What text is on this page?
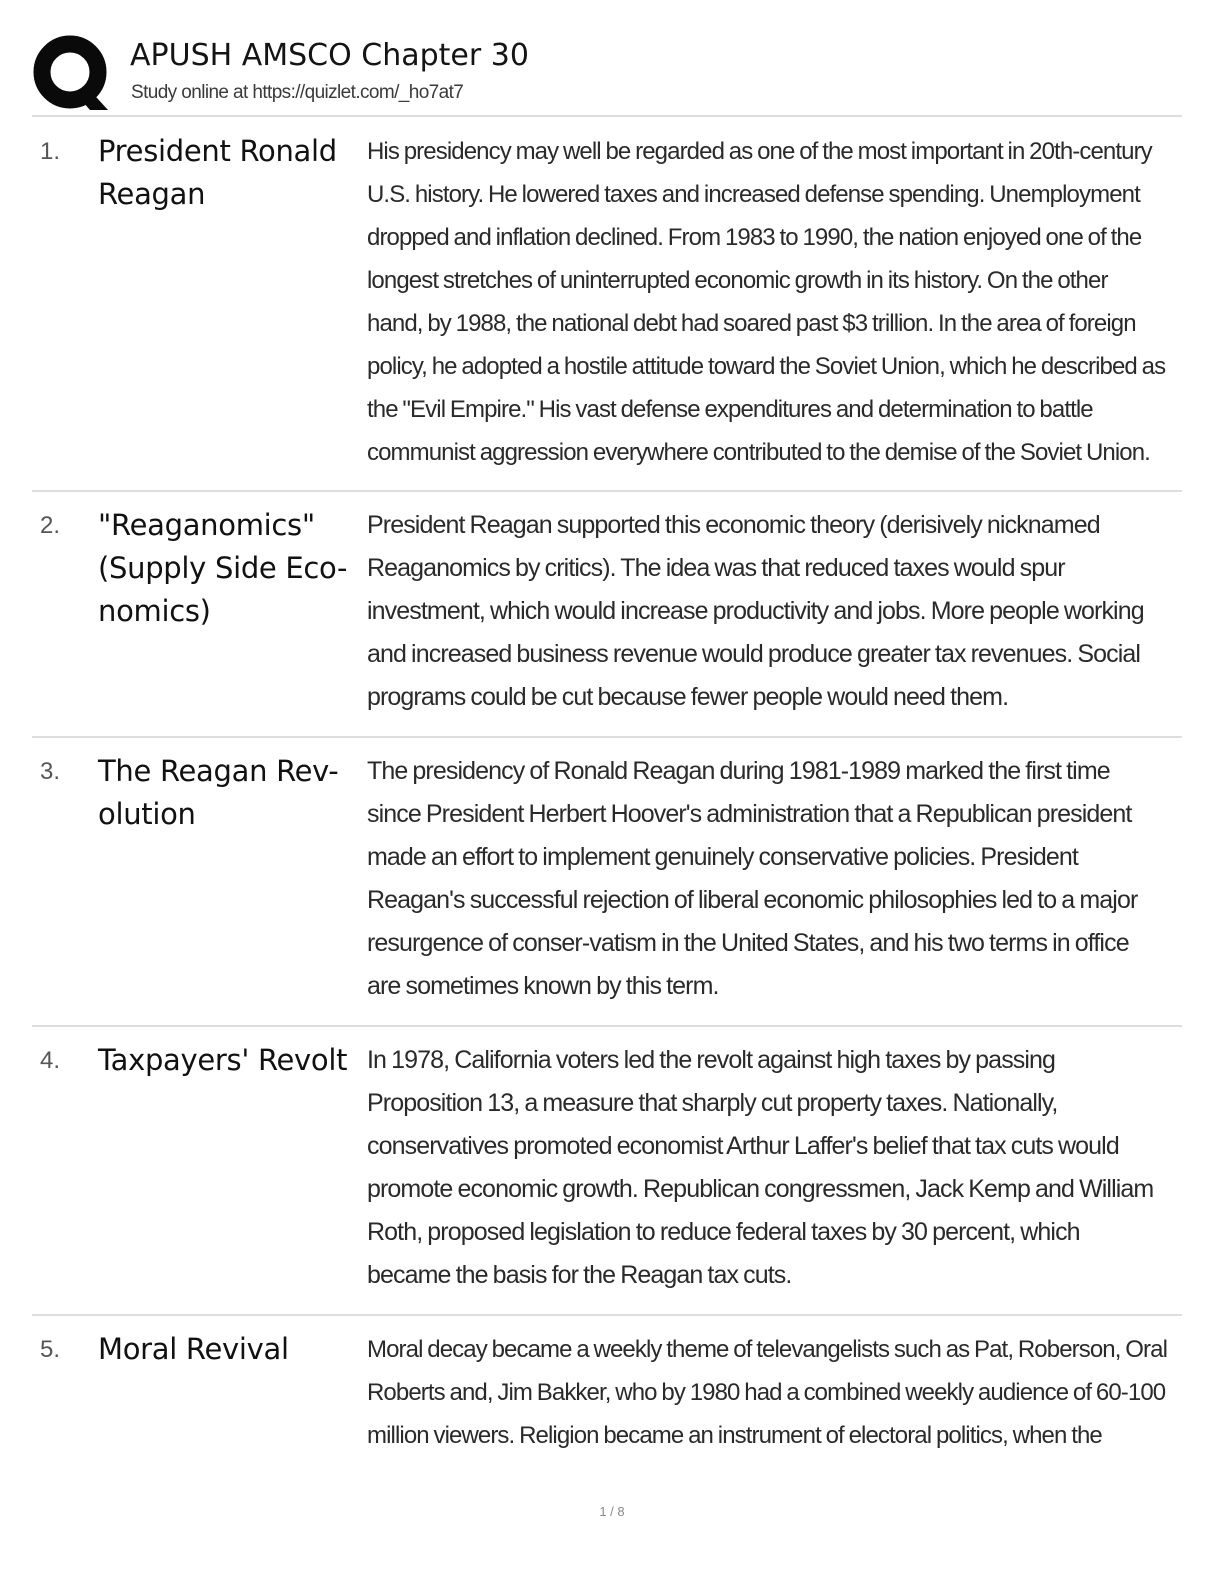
APUSH AMSCO Chapter 30
Study online at https://quizlet.com/_ho7at7
1. President Ronald Reagan
His presidency may well be regarded as one of the most important in 20th-century U.S. history. He lowered taxes and increased defense spending. Unemployment dropped and inflation declined. From 1983 to 1990, the nation enjoyed one of the longest stretches of uninterrupted economic growth in its history. On the other hand, by 1988, the national debt had soared past $3 trillion. In the area of foreign policy, he adopted a hostile attitude toward the Soviet Union, which he described as the "Evil Empire." His vast defense expenditures and determination to battle communist aggression everywhere contributed to the demise of the Soviet Union.
2. "Reaganomics" (Supply Side Eco-nomics)
President Reagan supported this economic theory (derisively nicknamed Reaganomics by critics). The idea was that reduced taxes would spur investment, which would increase productivity and jobs. More people working and increased business revenue would produce greater tax revenues. Social programs could be cut because fewer people would need them.
3. The Reagan Rev-olution
The presidency of Ronald Reagan during 1981-1989 marked the first time since President Herbert Hoover's administration that a Republican president made an effort to implement genuinely conservative policies. President Reagan's successful rejection of liberal economic philosophies led to a major resurgence of conser-vatism in the United States, and his two terms in office are sometimes known by this term.
4. Taxpayers' Revolt In 1978, California voters led the revolt against high taxes by passing Proposition 13, a measure that sharply cut property taxes. Nationally, conservatives promoted economist Arthur Laffer's belief that tax cuts would promote economic growth. Republican congressmen, Jack Kemp and William Roth, proposed legislation to reduce federal taxes by 30 percent, which became the basis for the Reagan tax cuts.
5. Moral Revival	Moral decay became a weekly theme of televangelists such as Pat, Roberson, Oral Roberts and, Jim Bakker, who by 1980 had a combined weekly audience of 60-100 million viewers. Religion became an instrument of electoral politics, when the
1 / 8
